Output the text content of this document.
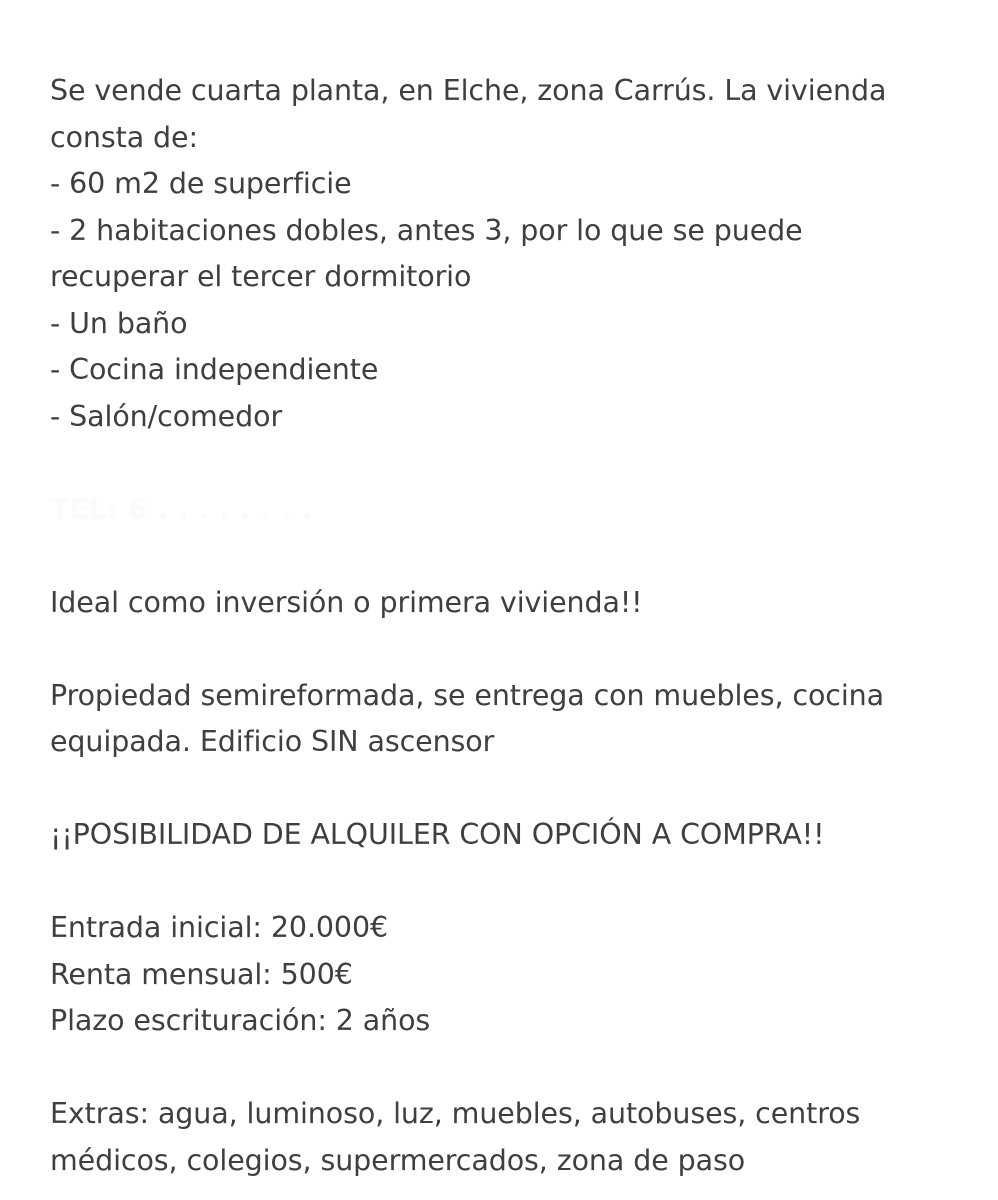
Se vende cuarta planta, en Elche, zona Carrús. La vivienda
consta de:
- 60 m2 de superficie
- 2 habitaciones dobles, antes 3, por lo que se puede
recuperar el tercer dormitorio
- Un baño
- Cocina independiente
- Salón/comedor
TEL: 6 . . . . . . . .
Ideal como inversión o primera vivienda!!
Propiedad semireformada, se entrega con muebles, cocina
equipada. Edificio SIN ascensor
¡¡POSIBILIDAD DE ALQUILER CON OPCIÓN A COMPRA!!
Entrada inicial: 20.000€
Renta mensual: 500€
Plazo escrituración: 2 años
Extras: agua, luminoso, luz, muebles, autobuses, centros
médicos, colegios, supermercados, zona de paso
